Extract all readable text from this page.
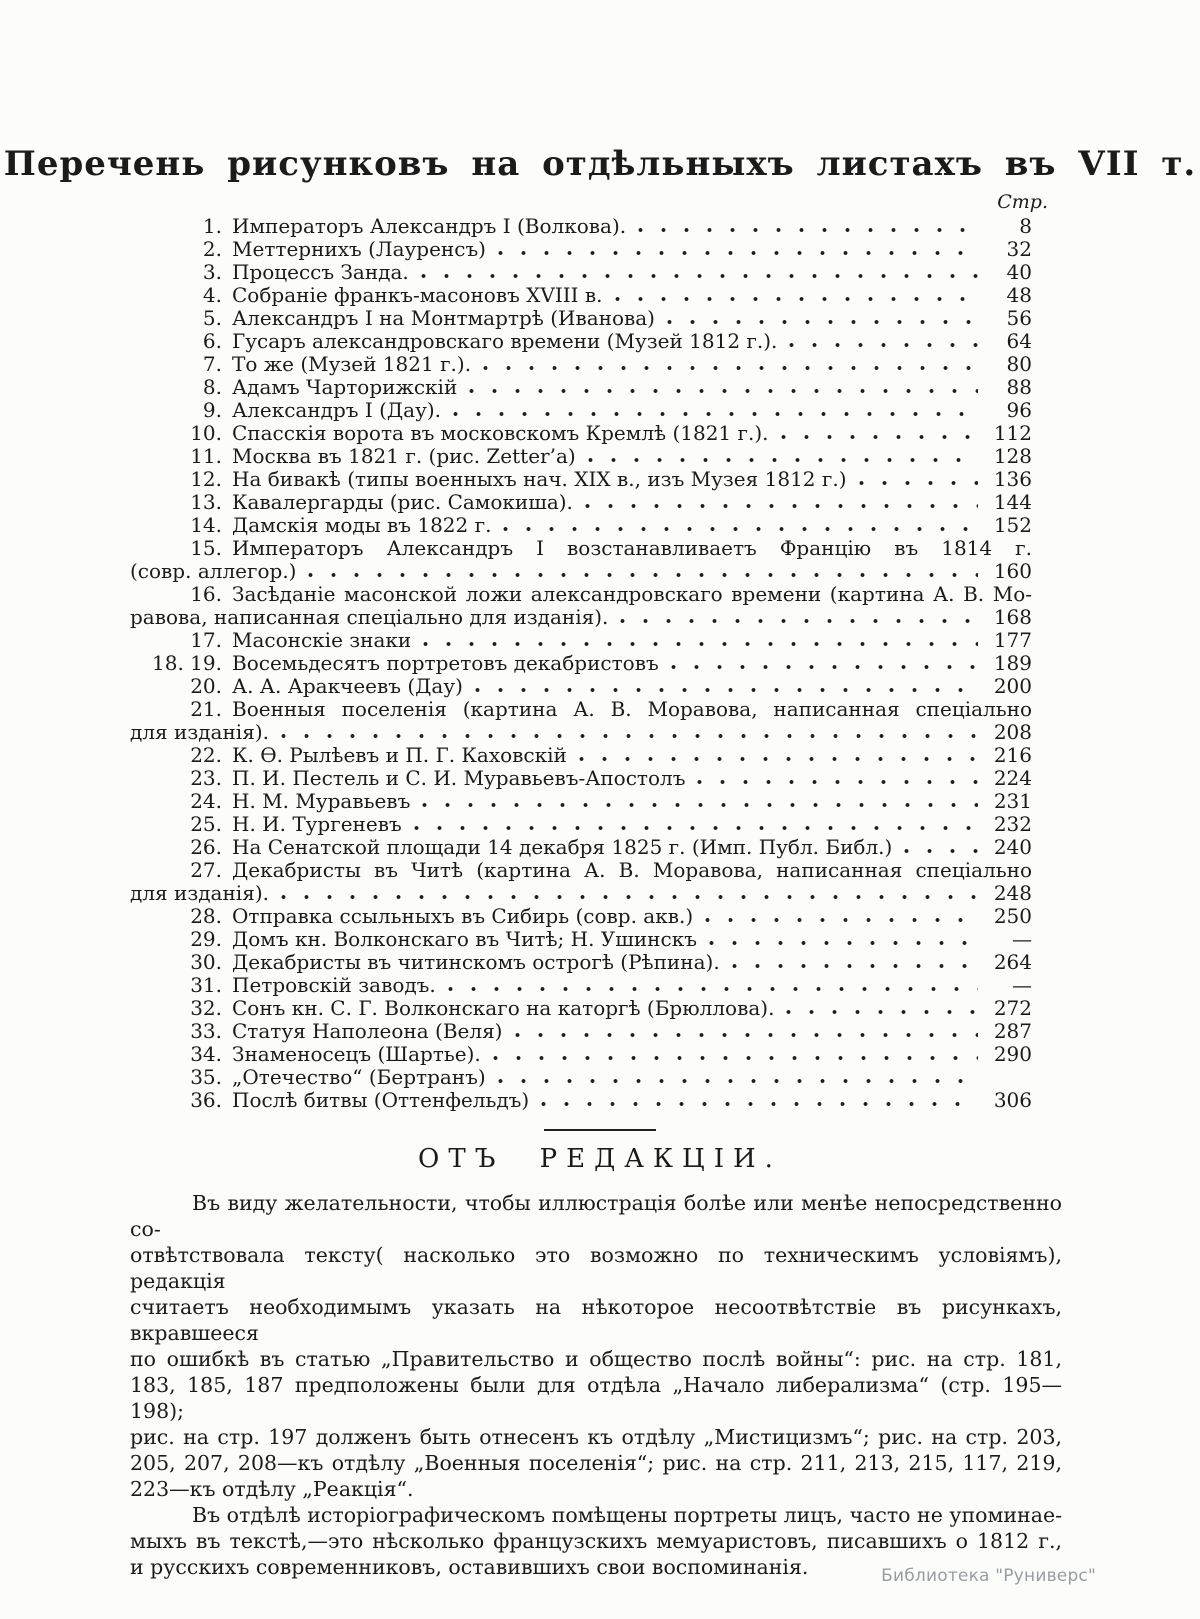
Перечень рисунковъ на отдѣльныхъ листахъ въ VII т.
Стр.
1. Императоръ Александръ I (Волкова).	8
2. Меттернихъ (Лауренсъ)	32
3. Процессъ Занда.	40
4. Собраніе франкъ-масоновъ XVIII в.	48
5. Александръ I на Монтмартрѣ (Иванова)	56
6. Гусаръ александровскаго времени (Музей 1812 г.).	64
7. То же (Музей 1821 г.).	80
8. Адамъ Чарторижскій	88
9. Александръ I (Дау).	96
10. Спасскія ворота въ московскомъ Кремлѣ (1821 г.).	112
11. Москва въ 1821 г. (рис. Zetter’a)	128
12. На бивакѣ (типы военныхъ нач. XIX в., изъ Музея 1812 г.)	136
13. Кавалергарды (рис. Самокиша).	144
14. Дамскія моды въ 1822 г.	152
15. Императоръ Александръ I возстанавливаетъ Францію въ 1814 г.
(совр. аллегор.)	160
16. Засѣданіе масонской ложи александровскаго времени (картина А. В. Мо-
равова, написанная спеціально для изданія).	168
17. Масонскіе знаки	177
18. 19. Восемьдесятъ портретовъ декабристовъ	189
20. А. А. Аракчеевъ (Дау)	200
21. Военныя поселенія (картина А. В. Моравова, написанная спеціально
для изданія).	208
22. К. Ѳ. Рылѣевъ и П. Г. Каховскій	216
23. П. И. Пестель и С. И. Муравьевъ-Апостолъ	224
24. Н. М. Муравьевъ	231
25. Н. И. Тургеневъ	232
26. На Сенатской площади 14 декабря 1825 г. (Имп. Публ. Библ.)	240
27. Декабристы въ Читѣ (картина А. В. Моравова, написанная спеціально
для изданія).	248
28. Отправка ссыльныхъ въ Сибирь (совр. акв.)	250
29. Домъ кн. Волконскаго въ Читѣ; Н. Ушинскъ	—
30. Декабристы въ читинскомъ острогѣ (Рѣпина).	264
31. Петровскій заводъ.	—
32. Сонъ кн. С. Г. Волконскаго на каторгѣ (Брюллова).	272
33. Статуя Наполеона (Веля)	287
34. Знаменосецъ (Шартье).	290
35. „Отечество“ (Бертранъ)
36. Послѣ битвы (Оттенфельдъ)	306
ОТЪ РЕДАКЦІИ.
Въ виду желательности, чтобы иллюстрація болѣе или менѣе непосредственно со-
отвѣтствовала тексту( насколько это возможно по техническимъ условіямъ), редакція
считаетъ необходимымъ указать на нѣкоторое несоотвѣтствіе въ рисункахъ, вкравшееся
по ошибкѣ въ статью „Правительство и общество послѣ войны“: рис. на стр. 181,
183, 185, 187 предположены были для отдѣла „Начало либерализма“ (стр. 195—198);
рис. на стр. 197 долженъ быть отнесенъ къ отдѣлу „Мистицизмъ“; рис. на стр. 203,
205, 207, 208—къ отдѣлу „Военныя поселенія“; рис. на стр. 211, 213, 215, 117, 219,
223—къ отдѣлу „Реакція“.
Въ отдѣлѣ исторіографическомъ помѣщены портреты лицъ, часто не упоминае-
мыхъ въ текстѣ,—это нѣсколько французскихъ мемуаристовъ, писавшихъ о 1812 г.,
и русскихъ современниковъ, оставившихъ свои воспоминанія.	Библиотека "Руниверс"
